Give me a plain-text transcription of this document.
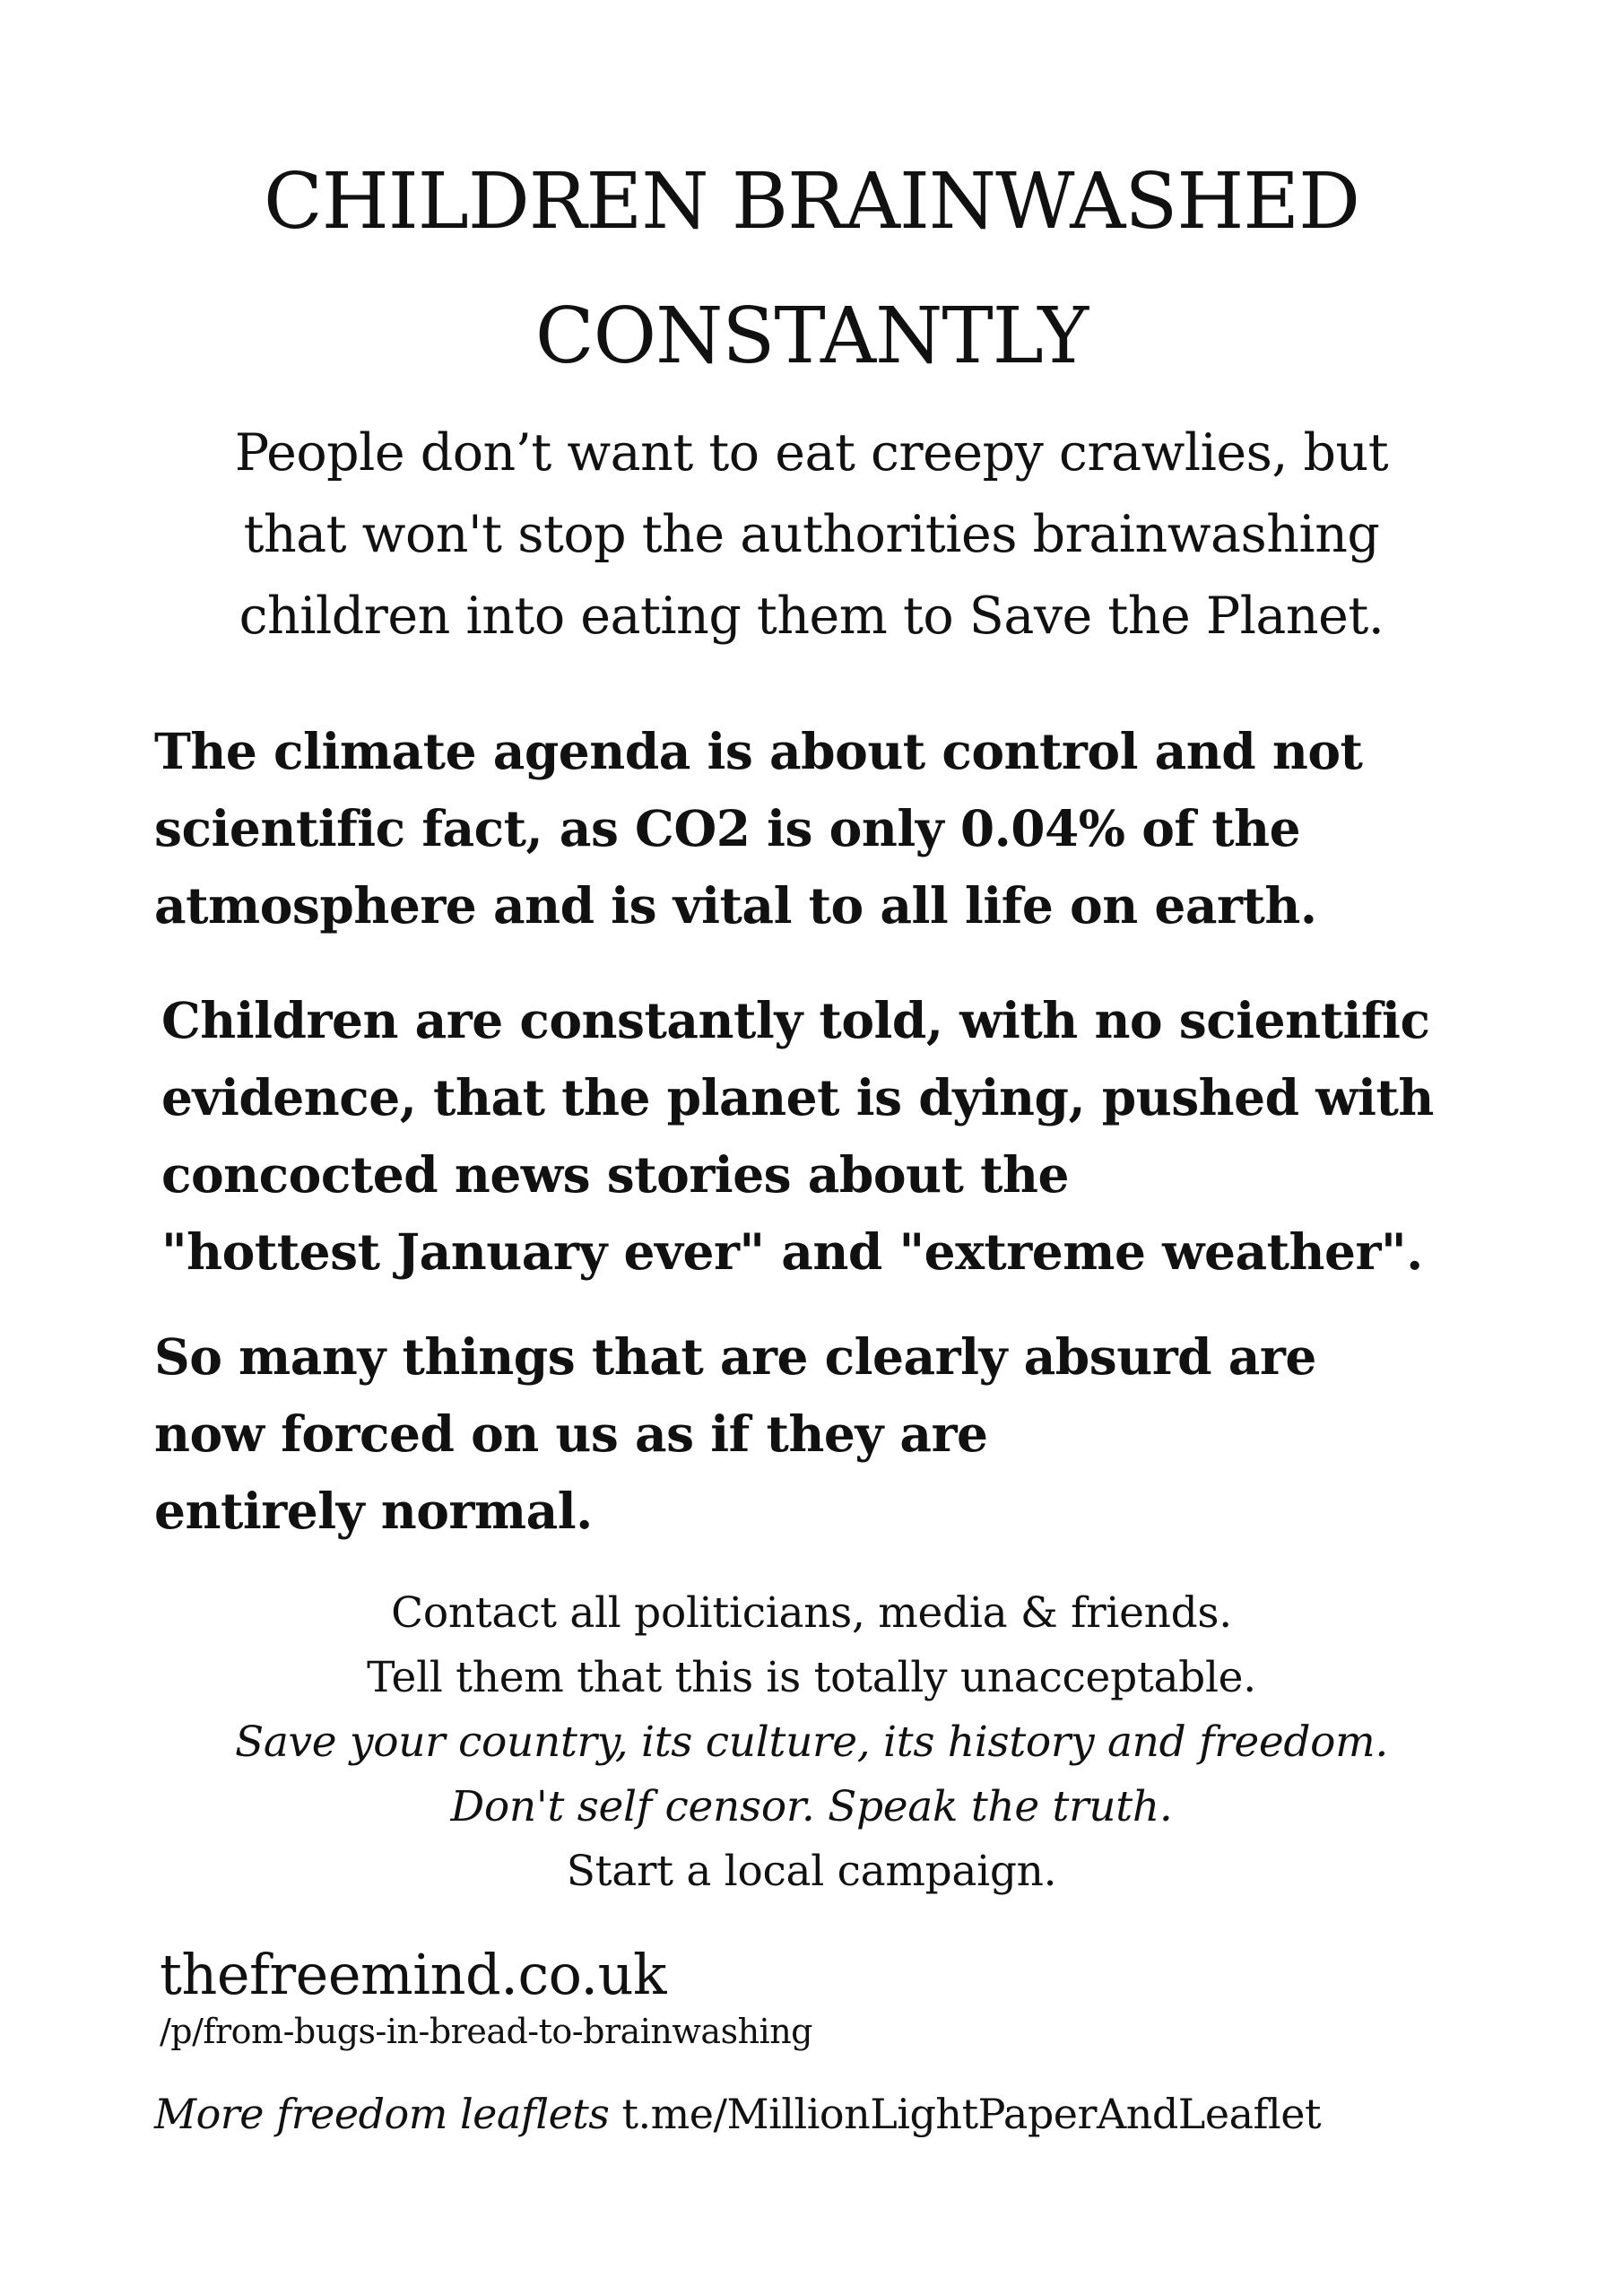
CHILDREN BRAINWASHED
CONSTANTLY

People don’t want to eat creepy crawlies, but
that won't stop the authorities brainwashing
children into eating them to Save the Planet.

The climate agenda is about control and not
scientific fact, as CO2 is only 0.04% of the
atmosphere and is vital to all life on earth.

Children are constantly told, with no scientific
evidence, that the planet is dying, pushed with
concocted news stories about the
"hottest January ever" and "extreme weather".

So many things that are clearly absurd are
now forced on us as if they are
entirely normal.

Contact all politicians, media & friends.
Tell them that this is totally unacceptable.
Save your country, its culture, its history and freedom.
Don't self censor. Speak the truth.
Start a local campaign.

thefreemind.co.uk
/p/from-bugs-in-bread-to-brainwashing
More freedom leaflets t.me/MillionLightPaperAndLeaflet
